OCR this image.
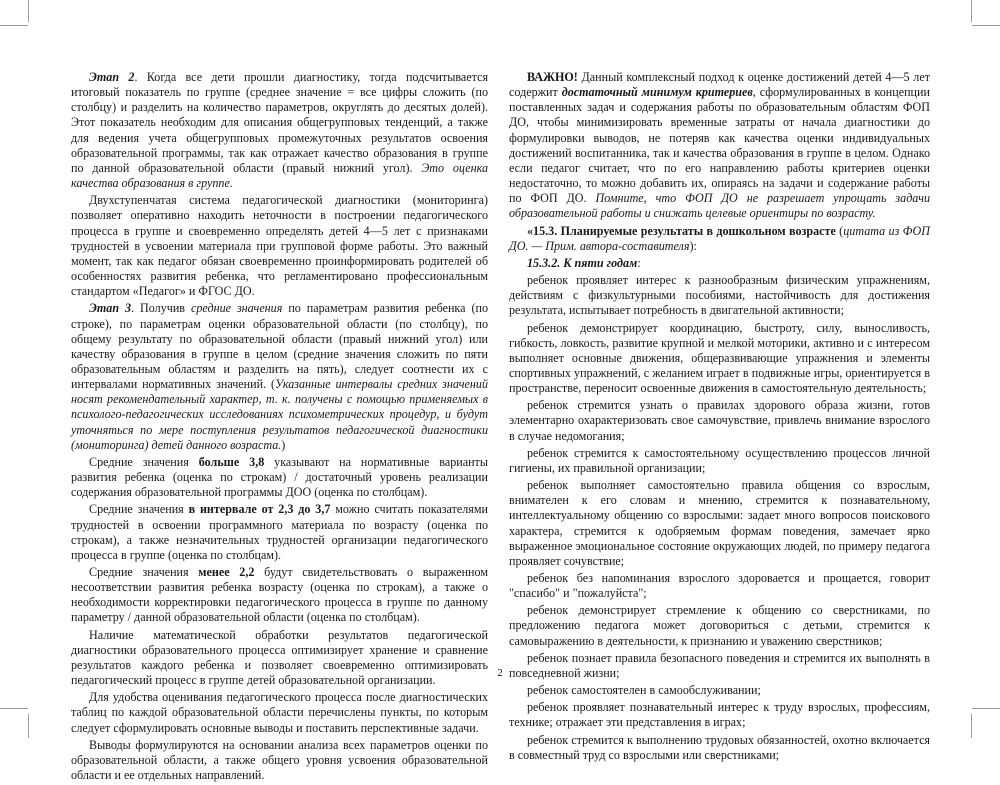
Этап 2. Когда все дети прошли диагностику, тогда подсчитывается итоговый показатель по группе (среднее значение = все цифры сложить (по столбцу) и разделить на количество параметров, округлять до десятых долей). Этот показатель необходим для описания общегрупповых тенденций, а также для ведения учета общегрупповых промежуточных результатов освоения образовательной программы, так как отражает качество образования в группе по данной образовательной области (правый нижний угол). Это оценка качества образования в группе.

Двухступенчатая система педагогической диагностики (мониторинга) позволяет оперативно находить неточности в построении педагогического процесса в группе и своевременно определять детей 4—5 лет с признаками трудностей в усвоении материала при групповой форме работы. Это важный момент, так как педагог обязан своевременно проинформировать родителей об особенностях развития ребенка, что регламентировано профессиональным стандартом «Педагог» и ФГОС ДО.

Этап 3. Получив средние значения по параметрам развития ребенка (по строке), по параметрам оценки образовательной области (по столбцу), по общему результату по образовательной области (правый нижний угол) или качеству образования в группе в целом (средние значения сложить по пяти образовательным областям и разделить на пять), следует соотнести их с интервалами нормативных значений. (Указанные интервалы средних значений носят рекомендательный характер, т. к. получены с помощью применяемых в психолого-педагогических исследованиях психометрических процедур, и будут уточняться по мере поступления результатов педагогической диагностики (мониторинга) детей данного возраста.)

Средние значения больше 3,8 указывают на нормативные варианты развития ребенка (оценка по строкам) / достаточный уровень реализации содержания образовательной программы ДОО (оценка по столбцам).

Средние значения в интервале от 2,3 до 3,7 можно считать показателями трудностей в освоении программного материала по возрасту (оценка по строкам), а также незначительных трудностей организации педагогического процесса в группе (оценка по столбцам).

Средние значения менее 2,2 будут свидетельствовать о выраженном несоответствии развития ребенка возрасту (оценка по строкам), а также о необходимости корректировки педагогического процесса в группе по данному параметру / данной образовательной области (оценка по столбцам).

Наличие математической обработки результатов педагогической диагностики образовательного процесса оптимизирует хранение и сравнение результатов каждого ребенка и позволяет своевременно оптимизировать педагогический процесс в группе детей образовательной организации.

Для удобства оценивания педагогического процесса после диагностических таблиц по каждой образовательной области перечислены пункты, по которым следует сформулировать основные выводы и поставить перспективные задачи.

Выводы формулируются на основании анализа всех параметров оценки по образовательной области, а также общего уровня усвоения образовательной области и ее отдельных направлений.

ВАЖНО! Данный комплексный подход к оценке достижений детей 4—5 лет содержит достаточный минимум критериев, сформулированных в концепции поставленных задач и содержания работы по образовательным областям ФОП ДО, чтобы минимизировать временные затраты от начала диагностики до формулировки выводов, не потеряв как качества оценки индивидуальных достижений воспитанника, так и качества образования в группе в целом. Однако если педагог считает, что по его направлению работы критериев оценки недостаточно, то можно добавить их, опираясь на задачи и содержание работы по ФОП ДО. Помните, что ФОП ДО не разрешает упрощать задачи образовательной работы и снижать целевые ориентиры по возрасту.

«15.3. Планируемые результаты в дошкольном возрасте (цитата из ФОП ДО. — Прим. автора-составителя):

15.3.2. К пяти годам:

ребенок проявляет интерес к разнообразным физическим упражнениям, действиям с физкультурными пособиями, настойчивость для достижения результата, испытывает потребность в двигательной активности;

ребенок демонстрирует координацию, быстроту, силу, выносливость, гибкость, ловкость, развитие крупной и мелкой моторики, активно и с интересом выполняет основные движения, общеразвивающие упражнения и элементы спортивных упражнений, с желанием играет в подвижные игры, ориентируется в пространстве, переносит освоенные движения в самостоятельную деятельность;

ребенок стремится узнать о правилах здорового образа жизни, готов элементарно охарактеризовать свое самочувствие, привлечь внимание взрослого в случае недомогания;

ребенок стремится к самостоятельному осуществлению процессов личной гигиены, их правильной организации;

ребенок выполняет самостоятельно правила общения со взрослым, внимателен к его словам и мнению, стремится к познавательному, интеллектуальному общению со взрослыми: задает много вопросов поискового характера, стремится к одобряемым формам поведения, замечает ярко выраженное эмоциональное состояние окружающих людей, по примеру педагога проявляет сочувствие;

ребенок без напоминания взрослого здоровается и прощается, говорит "спасибо" и "пожалуйста";

ребенок демонстрирует стремление к общению со сверстниками, по предложению педагога может договориться с детьми, стремится к самовыражению в деятельности, к признанию и уважению сверстников;

ребенок познает правила безопасного поведения и стремится их выполнять в повседневной жизни;

ребенок самостоятелен в самообслуживании;

ребенок проявляет познавательный интерес к труду взрослых, профессиям, технике; отражает эти представления в играх;

ребенок стремится к выполнению трудовых обязанностей, охотно включается в совместный труд со взрослыми или сверстниками;

2
